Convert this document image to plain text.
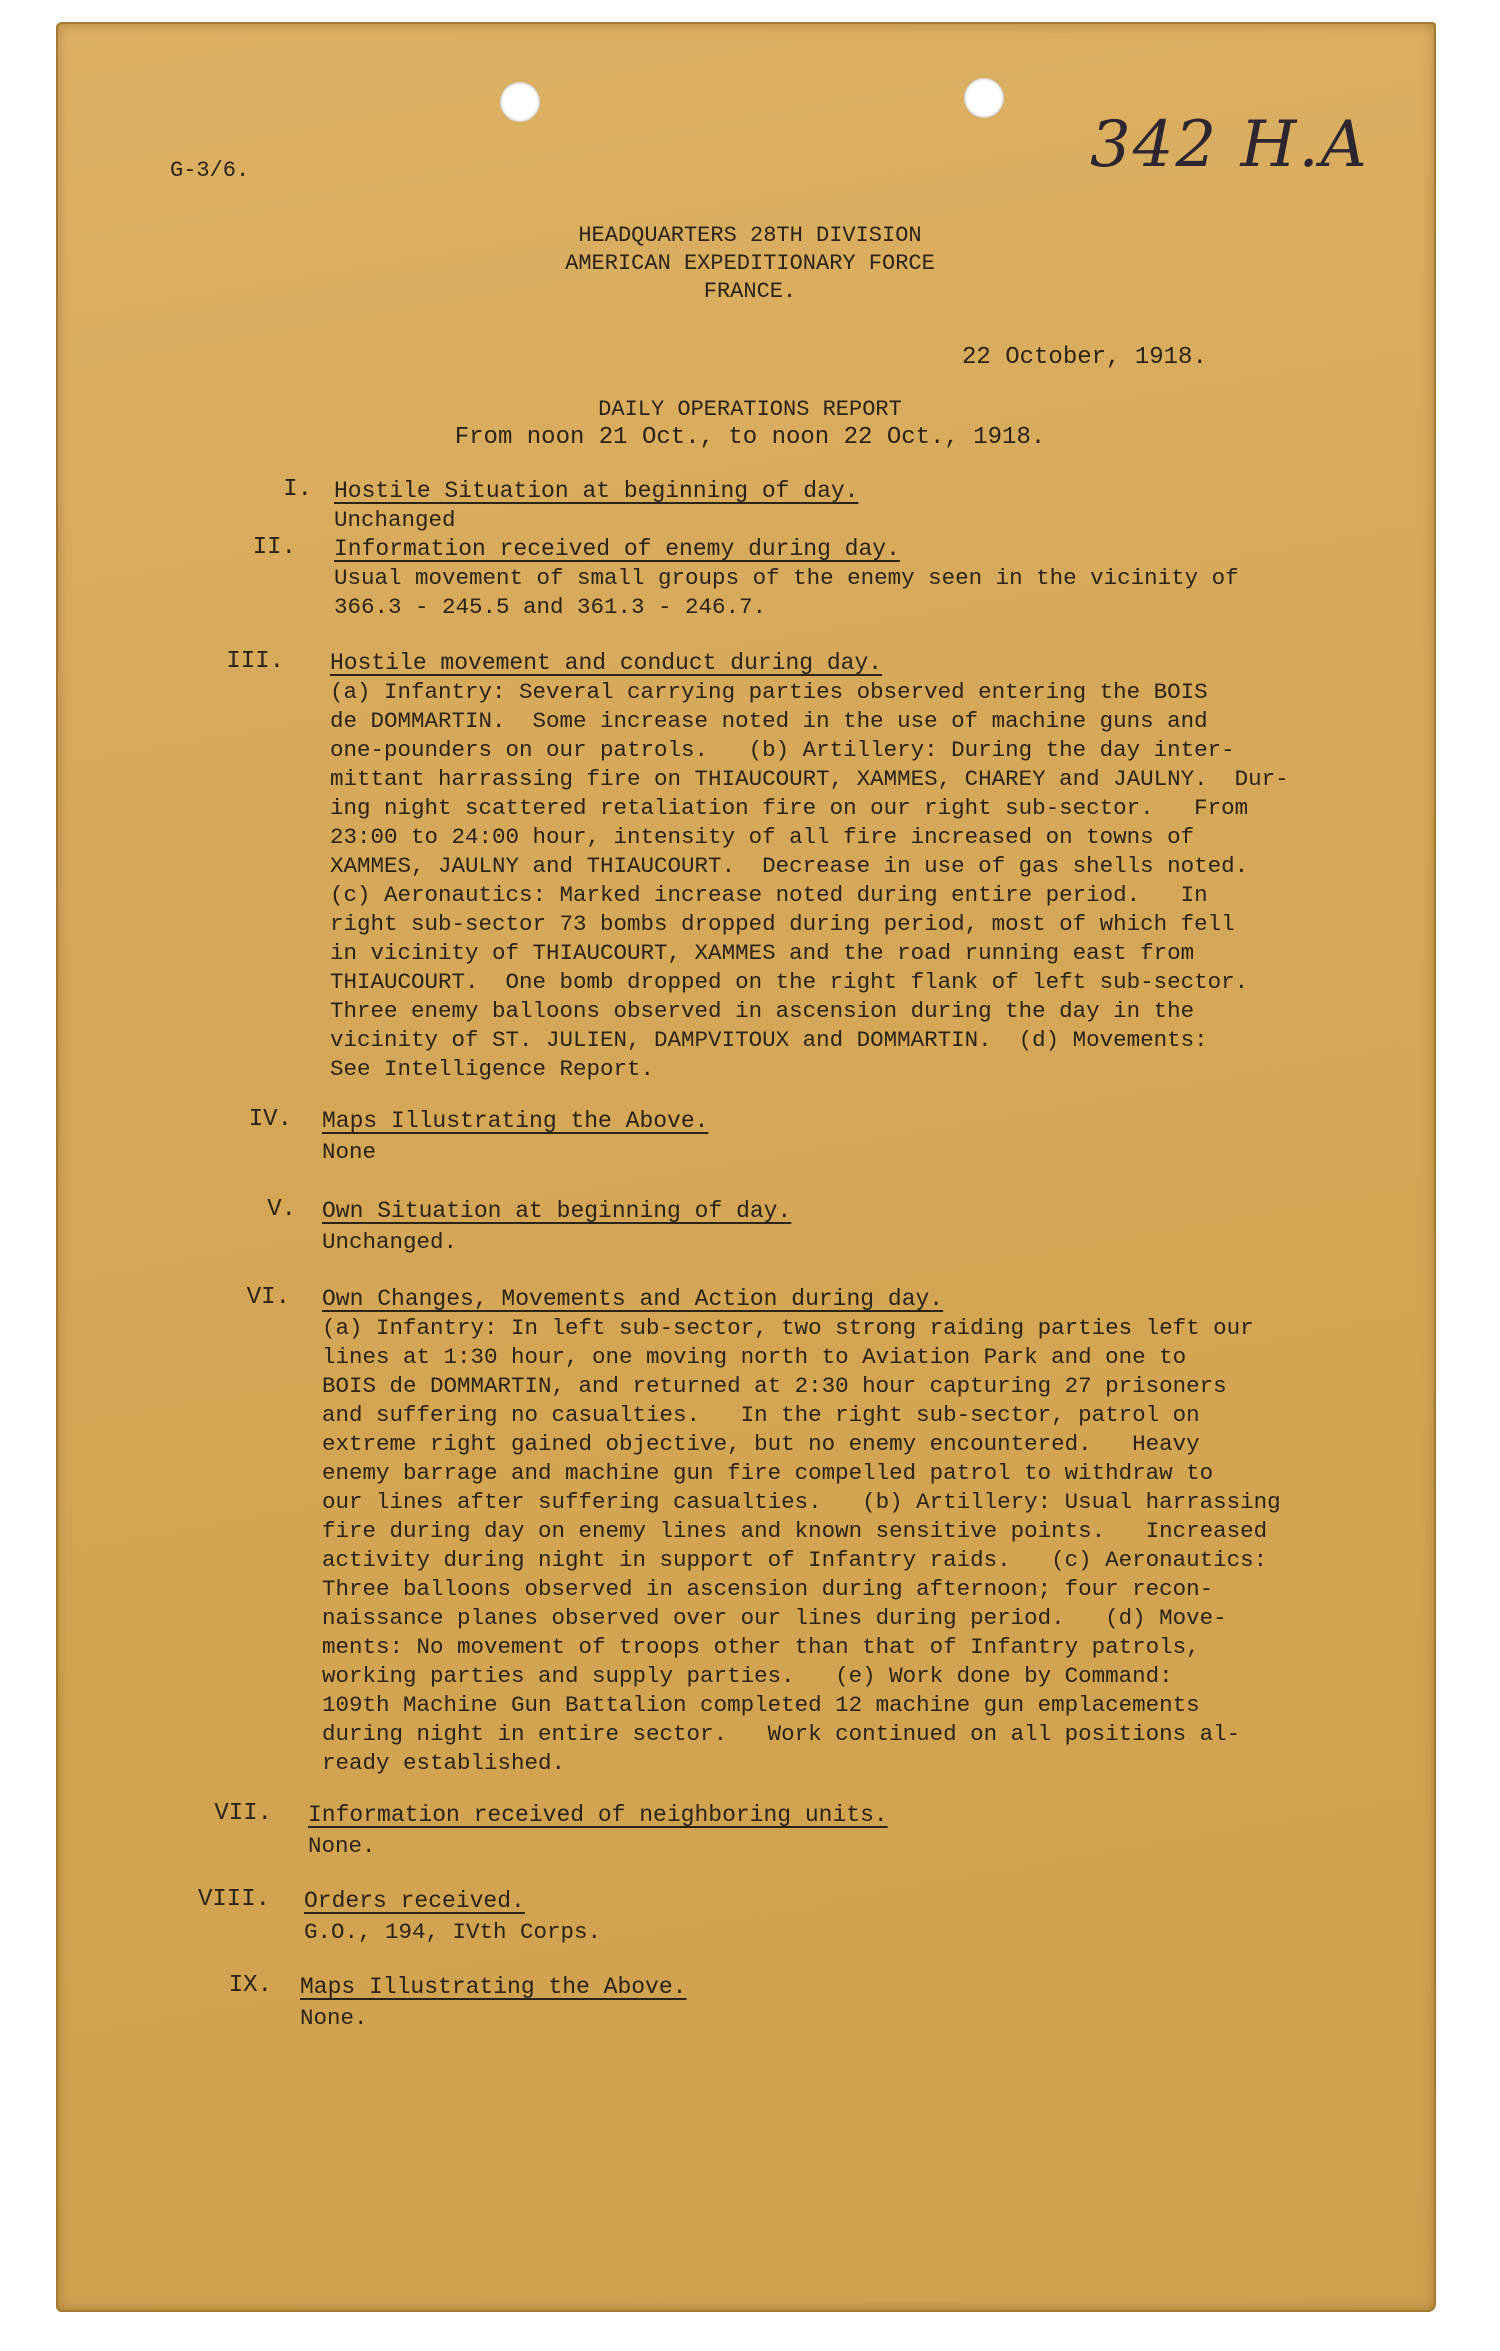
G-3/6.	342 H.A
HEADQUARTERS 28TH DIVISION
AMERICAN EXPEDITIONARY FORCE
FRANCE.
22 October, 1918.
DAILY OPERATIONS REPORT
From noon 21 Oct., to noon 22 Oct., 1918.
I. Hostile Situation at beginning of day.
Unchanged
II. Information received of enemy during day.
Usual movement of small groups of the enemy seen in the vicinity of
366.3 - 245.5 and 361.3 - 246.7.
III. Hostile movement and conduct during day.
(a) Infantry: Several carrying parties observed entering the BOIS
de DOMMARTIN.  Some increase noted in the use of machine guns and
one-pounders on our patrols.   (b) Artillery: During the day inter-
mittant harrassing fire on THIAUCOURT, XAMMES, CHAREY and JAULNY.  Dur-
ing night scattered retaliation fire on our right sub-sector.   From
23:00 to 24:00 hour, intensity of all fire increased on towns of
XAMMES, JAULNY and THIAUCOURT.  Decrease in use of gas shells noted.
(c) Aeronautics: Marked increase noted during entire period.   In
right sub-sector 73 bombs dropped during period, most of which fell
in vicinity of THIAUCOURT, XAMMES and the road running east from
THIAUCOURT.  One bomb dropped on the right flank of left sub-sector.
Three enemy balloons observed in ascension during the day in the
vicinity of ST. JULIEN, DAMPVITOUX and DOMMARTIN.  (d) Movements:
See Intelligence Report.
IV. Maps Illustrating the Above.
None
V. Own Situation at beginning of day.
Unchanged.
VI. Own Changes, Movements and Action during day.
(a) Infantry: In left sub-sector, two strong raiding parties left our
lines at 1:30 hour, one moving north to Aviation Park and one to
BOIS de DOMMARTIN, and returned at 2:30 hour capturing 27 prisoners
and suffering no casualties.   In the right sub-sector, patrol on
extreme right gained objective, but no enemy encountered.   Heavy
enemy barrage and machine gun fire compelled patrol to withdraw to
our lines after suffering casualties.   (b) Artillery: Usual harrassing
fire during day on enemy lines and known sensitive points.   Increased
activity during night in support of Infantry raids.   (c) Aeronautics:
Three balloons observed in ascension during afternoon; four recon-
naissance planes observed over our lines during period.   (d) Move-
ments: No movement of troops other than that of Infantry patrols,
working parties and supply parties.   (e) Work done by Command:
109th Machine Gun Battalion completed 12 machine gun emplacements
during night in entire sector.   Work continued on all positions al-
ready established.
VII. Information received of neighboring units.
None.
VIII. Orders received.
G.O., 194, IVth Corps.
IX. Maps Illustrating the Above.
None.
